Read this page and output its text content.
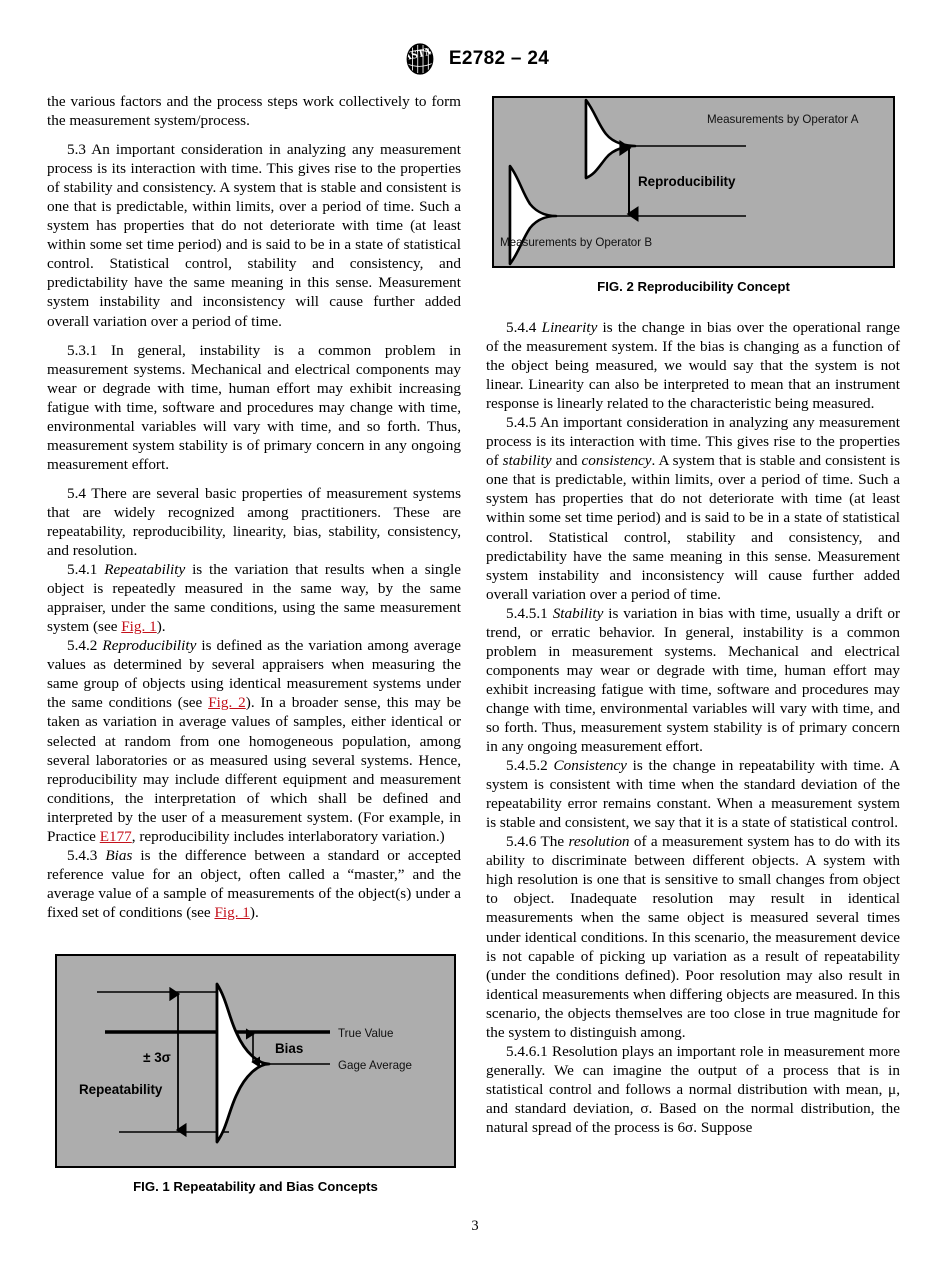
ASTM E2782 – 24
Measurements by Operator A
Measurements by Operator B
Reproducibility
FIG. 2 Reproducibility Concept

the various factors and the process steps work collectively to form the measurement system/process.

5.3 An important consideration in analyzing any measurement process is its interaction with time. This gives rise to the properties of stability and consistency. A system that is stable and consistent is one that is predictable, within limits, over a period of time. Such a system has properties that do not deteriorate with time (at least within some set time period) and is said to be in a state of statistical control. Statistical control, stability and consistency, and predictability have the same meaning in this sense. Measurement system instability and inconsistency will cause further added overall variation over a period of time.

5.3.1 In general, instability is a common problem in measurement systems. Mechanical and electrical components may wear or degrade with time, human effort may exhibit increasing fatigue with time, software and procedures may change with time, environmental variables will vary with time, and so forth. Thus, measurement system stability is of primary concern in any ongoing measurement effort.

5.4 There are several basic properties of measurement systems that are widely recognized among practitioners. These are repeatability, reproducibility, linearity, bias, stability, consistency, and resolution.

5.4.1 Repeatability is the variation that results when a single object is repeatedly measured in the same way, by the same appraiser, under the same conditions, using the same measurement system (see Fig. 1).

5.4.2 Reproducibility is defined as the variation among average values as determined by several appraisers when measuring the same group of objects using identical measurement systems under the same conditions (see Fig. 2). In a broader sense, this may be taken as variation in average values of samples, either identical or selected at random from one homogeneous population, among several laboratories or as measured using several systems. Hence, reproducibility may include different equipment and measurement conditions, the interpretation of which shall be defined and interpreted by the user of a measurement system. (For example, in Practice E177, reproducibility includes interlaboratory variation.)

5.4.3 Bias is the difference between a standard or accepted reference value for an object, often called a “master,” and the average value of a sample of measurements of the object(s) under a fixed set of conditions (see Fig. 1).

5.4.4 Linearity is the change in bias over the operational range of the measurement system. If the bias is changing as a function of the object being measured, we would say that the system is not linear. Linearity can also be interpreted to mean that an instrument response is linearly related to the characteristic being measured.

5.4.5 An important consideration in analyzing any measurement process is its interaction with time. This gives rise to the properties of stability and consistency. A system that is stable and consistent is one that is predictable, within limits, over a period of time. Such a system has properties that do not deteriorate with time (at least within some set time period) and is said to be in a state of statistical control. Statistical control, stability and consistency, and predictability have the same meaning in this sense. Measurement system instability and inconsistency will cause further added overall variation over a period of time.

5.4.5.1 Stability is variation in bias with time, usually a drift or trend, or erratic behavior. In general, instability is a common problem in measurement systems. Mechanical and electrical components may wear or degrade with time, human effort may exhibit increasing fatigue with time, software and procedures may change with time, environmental variables will vary with time, and so forth. Thus, measurement system stability is of primary concern in any ongoing measurement effort.

5.4.5.2 Consistency is the change in repeatability with time. A system is consistent with time when the standard deviation of the repeatability error remains constant. When a measurement system is stable and consistent, we say that it is a state of statistical control.

5.4.6 The resolution of a measurement system has to do with its ability to discriminate between different objects. A system with high resolution is one that is sensitive to small changes from object to object. Inadequate resolution may result in identical measurements when the same object is measured several times under identical conditions. In this scenario, the measurement device is not capable of picking up variation as a result of repeatability (under the conditions defined). Poor resolution may also result in identical measurements when differing objects are measured. In this scenario, the objects themselves are too close in true magnitude for the system to distinguish among.

5.4.6.1 Resolution plays an important role in measurement more generally. We can imagine the output of a process that is in statistical control and follows a normal distribution with mean, μ, and standard deviation, σ. Based on the normal distribution, the natural spread of the process is 6σ. Suppose

± 3σ
Repeatability
True Value
Gage Average
Bias
FIG. 1 Repeatability and Bias Concepts
3
